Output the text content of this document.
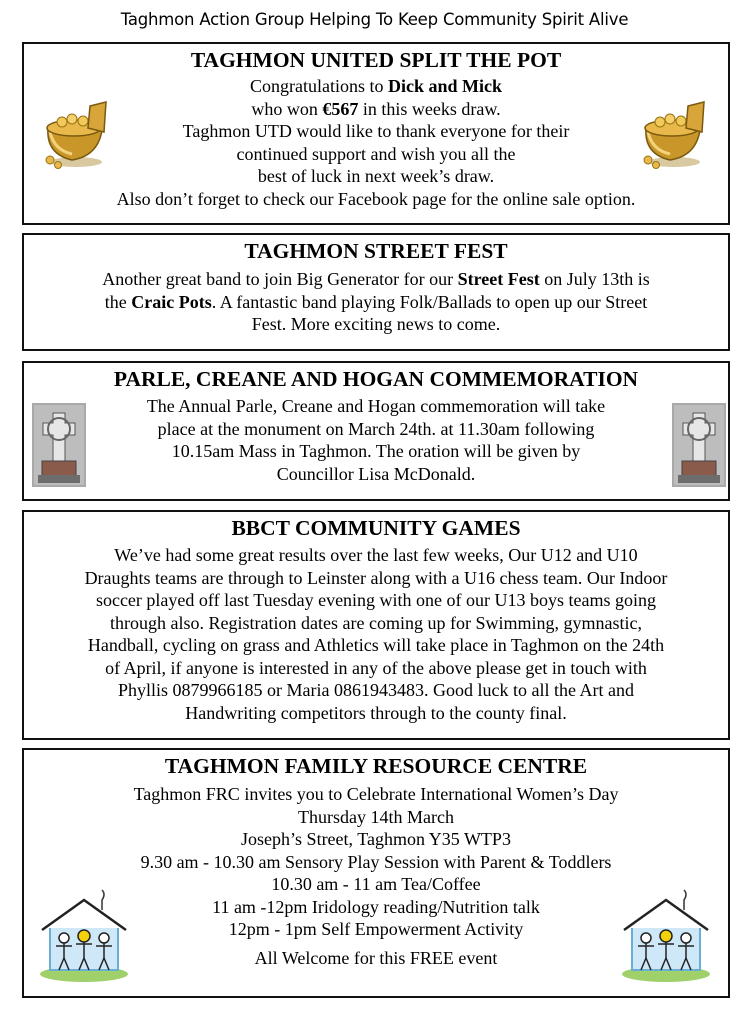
Taghmon Action Group Helping To Keep Community Spirit Alive
TAGHMON UNITED SPLIT THE POT
Congratulations to Dick and Mick
who won €567 in this weeks draw.
Taghmon UTD would like to thank everyone for their
continued support and wish you all the
best of luck in next week’s draw.
Also don’t forget to check our Facebook page for the online sale option.
TAGHMON STREET FEST
Another great band to join Big Generator for our Street Fest on July 13th is
the Craic Pots. A fantastic band playing Folk/Ballads to open up our Street
Fest. More exciting news to come.
PARLE, CREANE AND HOGAN COMMEMORATION
The Annual Parle, Creane and Hogan commemoration will take
place at the monument on March 24th. at 11.30am following
10.15am Mass in Taghmon. The oration will be given by
Councillor Lisa McDonald.
BBCT COMMUNITY GAMES
We’ve had some great results over the last few weeks, Our U12 and U10
Draughts teams are through to Leinster along with a U16 chess team. Our Indoor
soccer played off last Tuesday evening with one of our U13 boys teams going
through also. Registration dates are coming up for Swimming, gymnastic,
Handball, cycling on grass and Athletics will take place in Taghmon on the 24th
of April, if anyone is interested in any of the above please get in touch with
Phyllis 0879966185 or Maria 0861943483. Good luck to all the Art and
Handwriting competitors through to the county final.
TAGHMON FAMILY RESOURCE CENTRE
Taghmon FRC invites you to Celebrate International Women’s Day
Thursday 14th March
Joseph’s Street, Taghmon Y35 WTP3
9.30 am - 10.30 am Sensory Play Session with Parent & Toddlers
10.30 am - 11 am Tea/Coffee
11 am -12pm Iridology reading/Nutrition talk
12pm - 1pm Self Empowerment Activity
All Welcome for this FREE event
